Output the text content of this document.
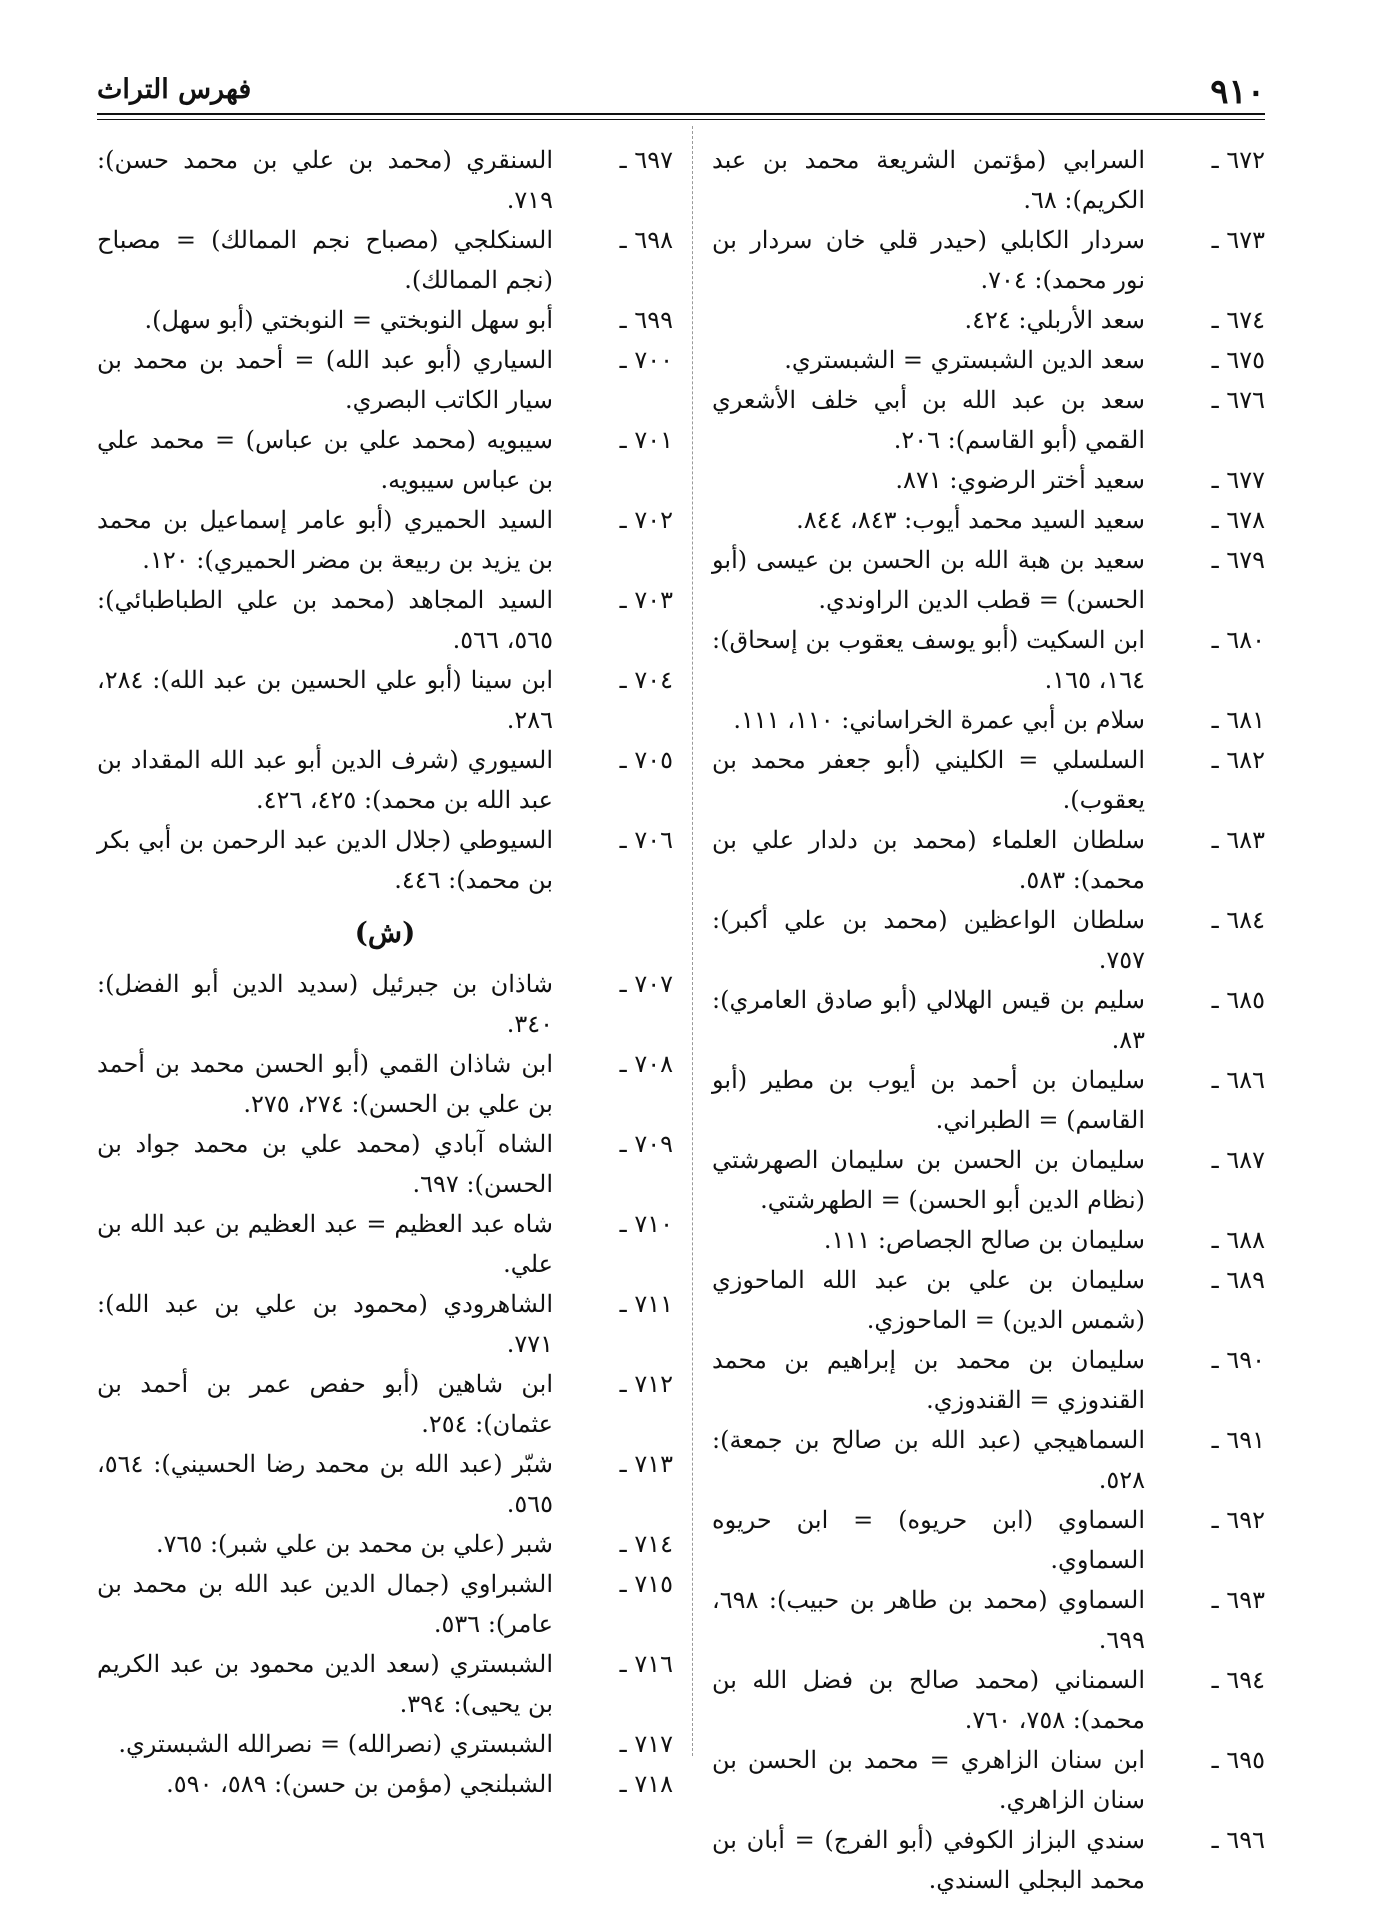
٩١٠
فهرس التراث
٦٧٢ ـ
السرابي (مؤتمن الشريعة محمد بن عبد الكريم): ٦٨.
٦٧٣ ـ
سردار الكابلي (حيدر قلي خان سردار بن نور محمد): ٧٠٤.
٦٧٤ ـ
سعد الأربلي: ٤٢٤.
٦٧٥ ـ
سعد الدين الشبستري = الشبستري.
٦٧٦ ـ
سعد بن عبد الله بن أبي خلف الأشعري القمي (أبو القاسم): ٢٠٦.
٦٧٧ ـ
سعيد أختر الرضوي: ٨٧١.
٦٧٨ ـ
سعيد السيد محمد أيوب: ٨٤٣، ٨٤٤.
٦٧٩ ـ
سعيد بن هبة الله بن الحسن بن عيسى (أبو الحسن) = قطب الدين الراوندي.
٦٨٠ ـ
ابن السكيت (أبو يوسف يعقوب بن إسحاق): ١٦٤، ١٦٥.
٦٨١ ـ
سلام بن أبي عمرة الخراساني: ١١٠، ١١١.
٦٨٢ ـ
السلسلي = الكليني (أبو جعفر محمد بن يعقوب).
٦٨٣ ـ
سلطان العلماء (محمد بن دلدار علي بن محمد): ٥٨٣.
٦٨٤ ـ
سلطان الواعظين (محمد بن علي أكبر): ٧٥٧.
٦٨٥ ـ
سليم بن قيس الهلالي (أبو صادق العامري): ٨٣.
٦٨٦ ـ
سليمان بن أحمد بن أيوب بن مطير (أبو القاسم) = الطبراني.
٦٨٧ ـ
سليمان بن الحسن بن سليمان الصهرشتي (نظام الدين أبو الحسن) = الطهرشتي.
٦٨٨ ـ
سليمان بن صالح الجصاص: ١١١.
٦٨٩ ـ
سليمان بن علي بن عبد الله الماحوزي (شمس الدين) = الماحوزي.
٦٩٠ ـ
سليمان بن محمد بن إبراهيم بن محمد القندوزي = القندوزي.
٦٩١ ـ
السماهيجي (عبد الله بن صالح بن جمعة): ٥٢٨.
٦٩٢ ـ
السماوي (ابن حريوه) = ابن حريوه السماوي.
٦٩٣ ـ
السماوي (محمد بن طاهر بن حبيب): ٦٩٨، ٦٩٩.
٦٩٤ ـ
السمناني (محمد صالح بن فضل الله بن محمد): ٧٥٨، ٧٦٠.
٦٩٥ ـ
ابن سنان الزاهري = محمد بن الحسن بن سنان الزاهري.
٦٩٦ ـ
سندي البزاز الكوفي (أبو الفرج) = أبان بن محمد البجلي السندي.
٦٩٧ ـ
السنقري (محمد بن علي بن محمد حسن): ٧١٩.
٦٩٨ ـ
السنكلجي (مصباح نجم الممالك) = مصباح (نجم الممالك).
٦٩٩ ـ
أبو سهل النوبختي = النوبختي (أبو سهل).
٧٠٠ ـ
السياري (أبو عبد الله) = أحمد بن محمد بن سيار الكاتب البصري.
٧٠١ ـ
سيبويه (محمد علي بن عباس) = محمد علي بن عباس سيبويه.
٧٠٢ ـ
السيد الحميري (أبو عامر إسماعيل بن محمد بن يزيد بن ربيعة بن مضر الحميري): ١٢٠.
٧٠٣ ـ
السيد المجاهد (محمد بن علي الطباطبائي): ٥٦٥، ٥٦٦.
٧٠٤ ـ
ابن سينا (أبو علي الحسين بن عبد الله): ٢٨٤، ٢٨٦.
٧٠٥ ـ
السيوري (شرف الدين أبو عبد الله المقداد بن عبد الله بن محمد): ٤٢٥، ٤٢٦.
٧٠٦ ـ
السيوطي (جلال الدين عبد الرحمن بن أبي بكر بن محمد): ٤٤٦.
(ش)
٧٠٧ ـ
شاذان بن جبرئيل (سديد الدين أبو الفضل): ٣٤٠.
٧٠٨ ـ
ابن شاذان القمي (أبو الحسن محمد بن أحمد بن علي بن الحسن): ٢٧٤، ٢٧٥.
٧٠٩ ـ
الشاه آبادي (محمد علي بن محمد جواد بن الحسن): ٦٩٧.
٧١٠ ـ
شاه عبد العظيم = عبد العظيم بن عبد الله بن علي.
٧١١ ـ
الشاهرودي (محمود بن علي بن عبد الله): ٧٧١.
٧١٢ ـ
ابن شاهين (أبو حفص عمر بن أحمد بن عثمان): ٢٥٤.
٧١٣ ـ
شبّر (عبد الله بن محمد رضا الحسيني): ٥٦٤، ٥٦٥.
٧١٤ ـ
شبر (علي بن محمد بن علي شبر): ٧٦٥.
٧١٥ ـ
الشبراوي (جمال الدين عبد الله بن محمد بن عامر): ٥٣٦.
٧١٦ ـ
الشبستري (سعد الدين محمود بن عبد الكريم بن يحيى): ٣٩٤.
٧١٧ ـ
الشبستري (نصرالله) = نصرالله الشبستري.
٧١٨ ـ
الشبلنجي (مؤمن بن حسن): ٥٨٩، ٥٩٠.
